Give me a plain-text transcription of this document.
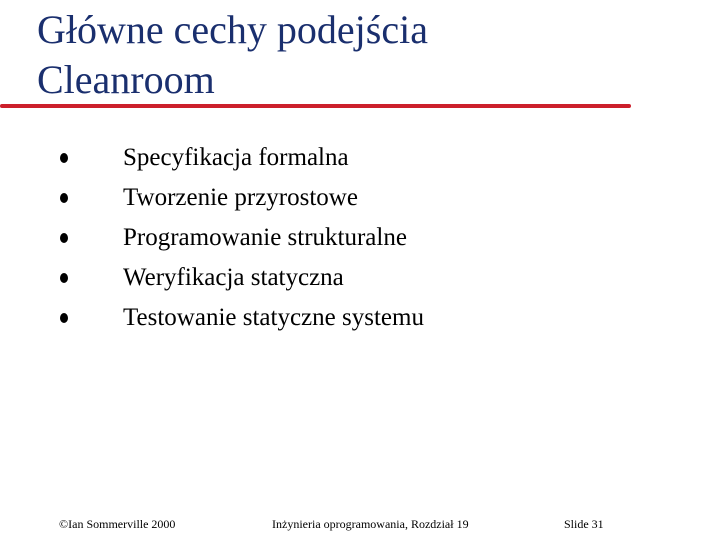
Główne cechy podejścia
Cleanroom
Specyfikacja formalna
Tworzenie przyrostowe
Programowanie strukturalne
Weryfikacja statyczna
Testowanie statyczne systemu
©Ian Sommerville 2000	Inżynieria oprogramowania, Rozdział 19	Slide 31
